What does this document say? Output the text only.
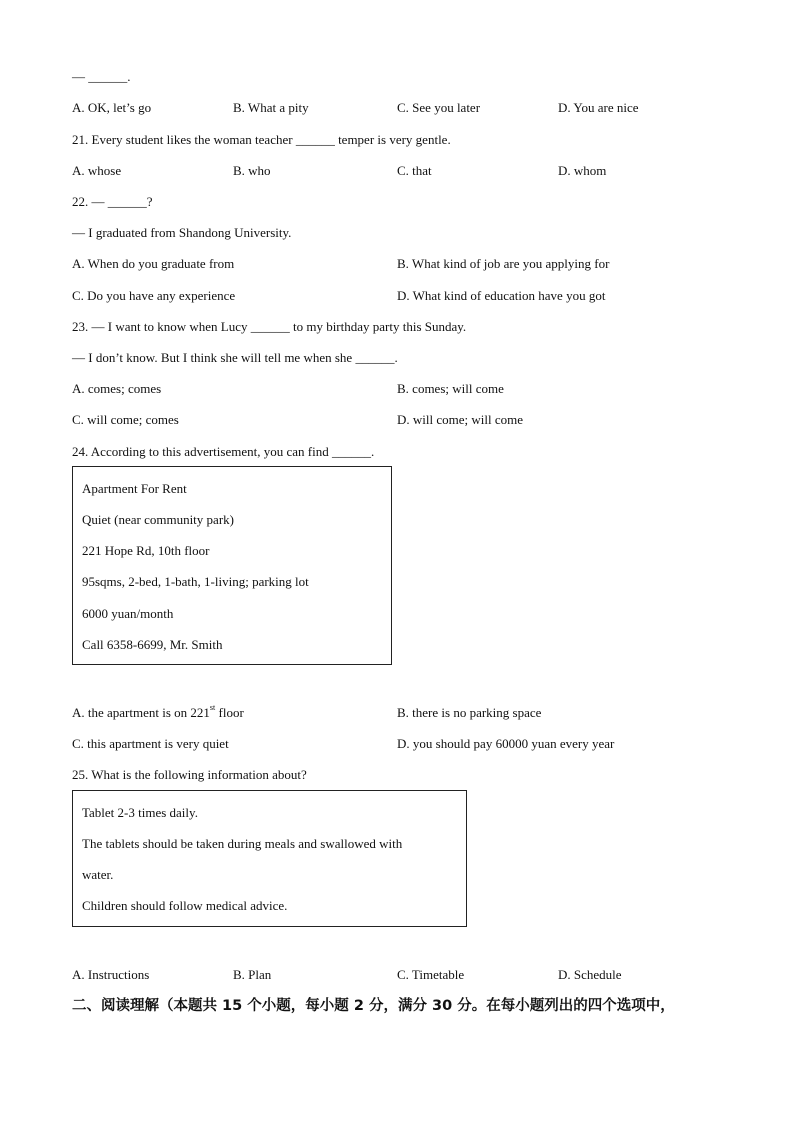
— ______.
A. OK, let’s go	B. What a pity	C. See you later	D. You are nice
21. Every student likes the woman teacher ______ temper is very gentle.
A. whose	B. who	C. that	D. whom
22. — ______?
— I graduated from Shandong University.
A. When do you graduate from	B. What kind of job are you applying for
C. Do you have any experience	D. What kind of education have you got
23. — I want to know when Lucy ______ to my birthday party this Sunday.
— I don’t know. But I think she will tell me when she ______.
A. comes; comes	B. comes; will come
C. will come; comes	D. will come; will come
24. According to this advertisement, you can find ______.
Apartment For Rent
Quiet (near community park)
221 Hope Rd, 10th floor
95sqms, 2-bed, 1-bath, 1-living; parking lot
6000 yuan/month
Call 6358-6699, Mr. Smith
A. the apartment is on 221st floor	B. there is no parking space
C. this apartment is very quiet	D. you should pay 60000 yuan every year
25. What is the following information about?
Tablet 2-3 times daily.
The tablets should be taken during meals and swallowed with
water.
Children should follow medical advice.
A. Instructions	B. Plan	C. Timetable	D. Schedule
二、阅读理解（本题共 15 个小题，每小题 2 分，满分 30 分。在每小题列出的四个选项中，
